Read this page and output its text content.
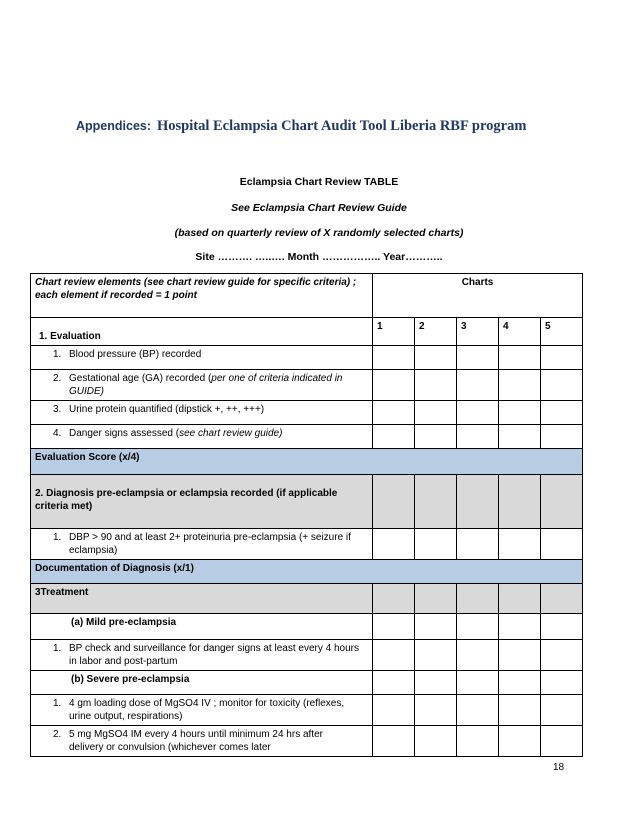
Appendices: Hospital Eclampsia Chart Audit Tool Liberia RBF program
Eclampsia Chart Review TABLE
See Eclampsia Chart Review Guide
(based on quarterly review of X randomly selected charts)
Site ………. …..…. Month …………….. Year………..
Chart review elements (see chart review guide for specific criteria) ; each element if recorded = 1 point	Charts				
1. Evaluation	1	2	3	4	5
1. Blood pressure (BP) recorded					
2. Gestational age (GA) recorded (per one of criteria indicated in GUIDE)					
3. Urine protein quantified (dipstick +, ++, +++)					
4. Danger signs assessed (see chart review guide)					
Evaluation Score (x/4)					
2. Diagnosis pre-eclampsia or eclampsia recorded (if applicable criteria met)					
1. DBP > 90 and at least 2+ proteinuria pre-eclampsia (+ seizure if eclampsia)					
Documentation of Diagnosis (x/1)					
3Treatment					
(a) Mild pre-eclampsia					
1. BP check and surveillance for danger signs at least every 4 hours in labor and post-partum					
(b) Severe pre-eclampsia					
1. 4 gm loading dose of MgSO4 IV ; monitor for toxicity (reflexes, urine output, respirations)					
2. 5 mg MgSO4 IM every 4 hours until minimum 24 hrs after delivery or convulsion (whichever comes later					
18
